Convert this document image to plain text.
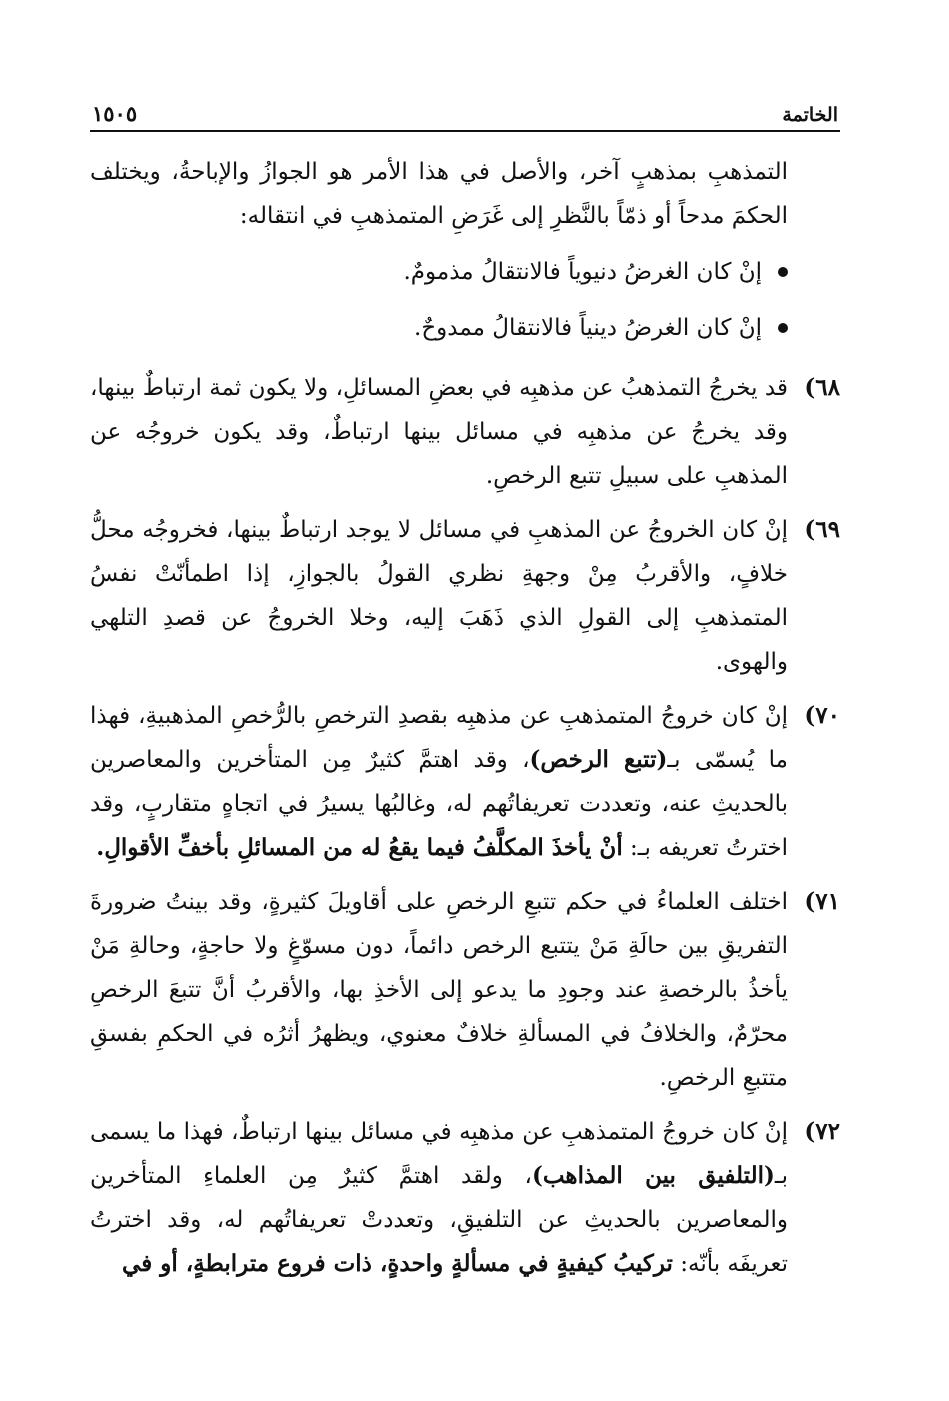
الخاتمة
١٥٠٥

التمذهبِ بمذهبٍ آخر، والأصل في هذا الأمر هو الجوازُ والإباحةُ، ويختلف الحكمَ مدحاً أو ذمّاً بالنَّظرِ إلى غَرَضِ المتمذهبِ في انتقاله:

إنْ كان الغرضُ دنيوياً فالانتقالُ مذمومٌ.
إنْ كان الغرضُ دينياً فالانتقالُ ممدوحٌ.
٦٨)
قد يخرجُ التمذهبُ عن مذهبِه في بعضِ المسائلِ، ولا يكون ثمة ارتباطٌ بينها، وقد يخرجُ عن مذهبِه في مسائل بينها ارتباطٌ، وقد يكون خروجُه عن المذهبِ على سبيلِ تتبع الرخصِ.
٦٩)
إنْ كان الخروجُ عن المذهبِ في مسائل لا يوجد ارتباطٌ بينها، فخروجُه محلُّ خلافٍ، والأقربُ مِنْ وجهةِ نظري القولُ بالجوازِ، إذا اطمأنّتْ نفسُ المتمذهبِ إلى القولِ الذي ذَهَبَ إليه، وخلا الخروجُ عن قصدِ التلهي والهوى.
٧٠)
إنْ كان خروجُ المتمذهبِ عن مذهبِه بقصدِ الترخصِ بالرُّخصِ المذهبيةِ، فهذا ما يُسمّى بـ(تتبع الرخص)، وقد اهتمَّ كثيرٌ مِن المتأخرين والمعاصرين بالحديثِ عنه، وتعددت تعريفاتُهم له، وغالبُها يسيرُ في اتجاهٍ متقاربٍ، وقد اخترتُ تعريفه بـ: أنْ يأخذَ المكلَّفُ فيما يقعُ له من المسائلِ بأخفِّ الأقوالِ.
٧١)
اختلف العلماءُ في حكم تتبعِ الرخصِ على أقاويلَ كثيرةٍ، وقد بينتُ ضرورةَ التفريقِ بين حالَةِ مَنْ يتتبع الرخص دائماً، دون مسوّغٍ ولا حاجةٍ، وحالةِ مَنْ يأخذُ بالرخصةِ عند وجودِ ما يدعو إلى الأخذِ بها، والأقربُ أنَّ تتبعَ الرخصِ محرّمٌ، والخلافُ في المسألةِ خلافٌ معنوي، ويظهرُ أثرُه في الحكمِ بفسقِ متتبعِ الرخصِ.
٧٢)
إنْ كان خروجُ المتمذهبِ عن مذهبِه في مسائل بينها ارتباطٌ، فهذا ما يسمى بـ(التلفيق بين المذاهب)، ولقد اهتمَّ كثيرٌ مِن العلماءِ المتأخرين والمعاصرين بالحديثِ عن التلفيقِ، وتعددتْ تعريفاتُهم له، وقد اخترتُ تعريفَه بأنّه: تركيبُ كيفيةٍ في مسألةٍ واحدةٍ، ذات فروع مترابطةٍ، أو في
